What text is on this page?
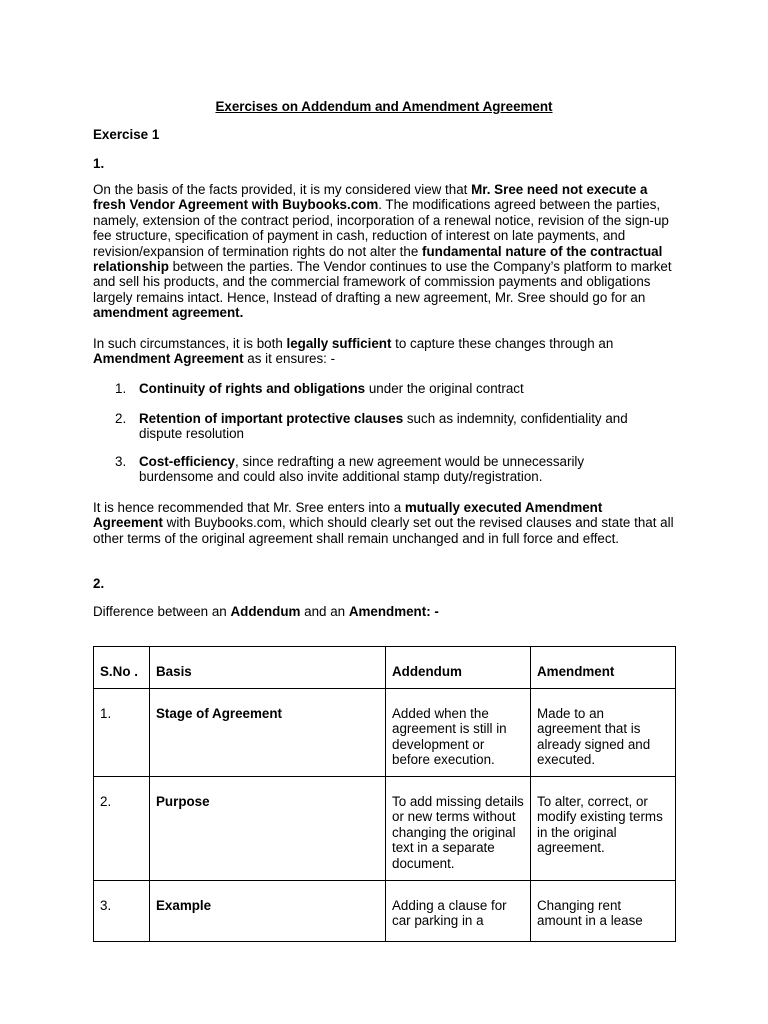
Exercises on Addendum and Amendment Agreement
Exercise 1
1.
On the basis of the facts provided, it is my considered view that Mr. Sree need not execute a fresh Vendor Agreement with Buybooks.com. The modifications agreed between the parties, namely, extension of the contract period, incorporation of a renewal notice, revision of the sign-up fee structure, specification of payment in cash, reduction of interest on late payments, and revision/expansion of termination rights do not alter the fundamental nature of the contractual relationship between the parties. The Vendor continues to use the Company’s platform to market and sell his products, and the commercial framework of commission payments and obligations largely remains intact. Hence, Instead of drafting a new agreement, Mr. Sree should go for an amendment agreement.
In such circumstances, it is both legally sufficient to capture these changes through an Amendment Agreement as it ensures: -
1. Continuity of rights and obligations under the original contract
2. Retention of important protective clauses such as indemnity, confidentiality and dispute resolution
3. Cost-efficiency, since redrafting a new agreement would be unnecessarily burdensome and could also invite additional stamp duty/registration.
It is hence recommended that Mr. Sree enters into a mutually executed Amendment Agreement with Buybooks.com, which should clearly set out the revised clauses and state that all other terms of the original agreement shall remain unchanged and in full force and effect.
2.
Difference between an Addendum and an Amendment: -
S.No .	Basis	Addendum	Amendment
1.	Stage of Agreement	Added when the agreement is still in development or before execution.	Made to an agreement that is already signed and executed.
2.	Purpose	To add missing details or new terms without changing the original text in a separate document.	To alter, correct, or modify existing terms in the original agreement.
3.	Example	Adding a clause for car parking in a	Changing rent amount in a lease
